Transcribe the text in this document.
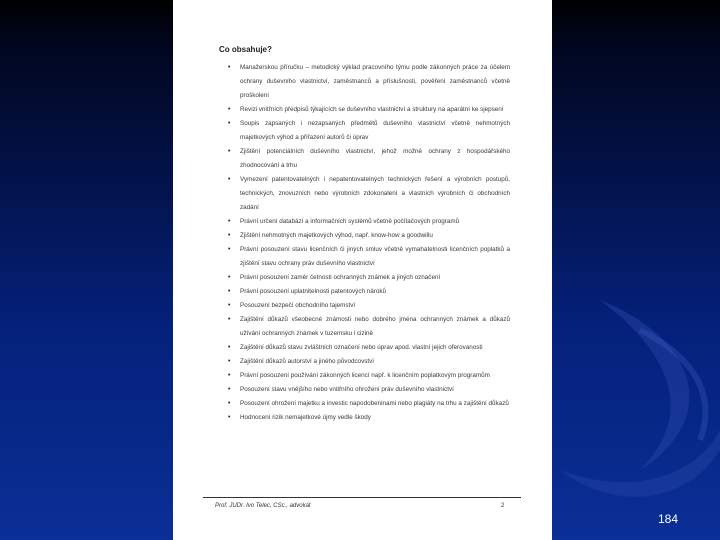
Co obsahuje?
• Manažerskou příručku – metodický výklad pracovního týmu podle zákonných práce za účelem ochrany duševního vlastnictví, zaměstnanců a příslušnosti, pověření zaměstnanců včetně proškolení
• Revizi vnitřních předpisů týkajících se duševního vlastnictví a struktury na aparátní ke sjepsení
• Soupis zapsaných i nezapsaných předmětů duševního vlastnictví včetně nehmotných majetkových výhod a přiřazení autorů či úprav
• Zjištění potenciálních duševního vlastnictví, jehož možné ochrany z hospodářského zhodnocování a trhu
• Vymezení patentovatelných i nepatentovatelných technických řešení a výrobních postupů, technických, znovuzních nebo výrobních zdokonalení a vlastních výrobních či obchodních zadání
• Právní určení databází a informačních systémů včetně počítačových programů
• Zjištění nehmotných majetkových výhod, např. know-how a goodwillu
• Právní posouzení stavu licenčních či jiných smluv včetně vymahatelnosti licenčních poplatků a zjištění stavu ochrany práv duševního vlastnictví
• Právní posouzení zaměr četnosti ochranných známek a jiných označení
• Právní posouzení uplatnitelnosti patentových nároků
• Posouzení bezpečí obchodního tajemství
• Zajištění důkazů všeobecné známosti nebo dobrého jména ochranných známek a důkazů užívání ochranných známek v tuzemsku i cizině
• Zajištění důkazů stavu zvláštních označení nebo úprav apod. vlastní jejich oferovanosti
• Zajištění důkazů autorství a jiného původcovství
• Právní posouzení používání zákonných licencí např. k licenčním poplatkovým programům
• Posouzení stavu vnějšího nebo vnitřního ohrožení práv duševního vlastnictví
• Posouzení ohrožení majetku a investic napodobeninami nebo plagiáty na trhu a zajištění důkazů
• Hodnocení rizik nemajetkové újmy vedle škody
Prof. JUDr. Ivo Telec, CSc., advokát	2
184
